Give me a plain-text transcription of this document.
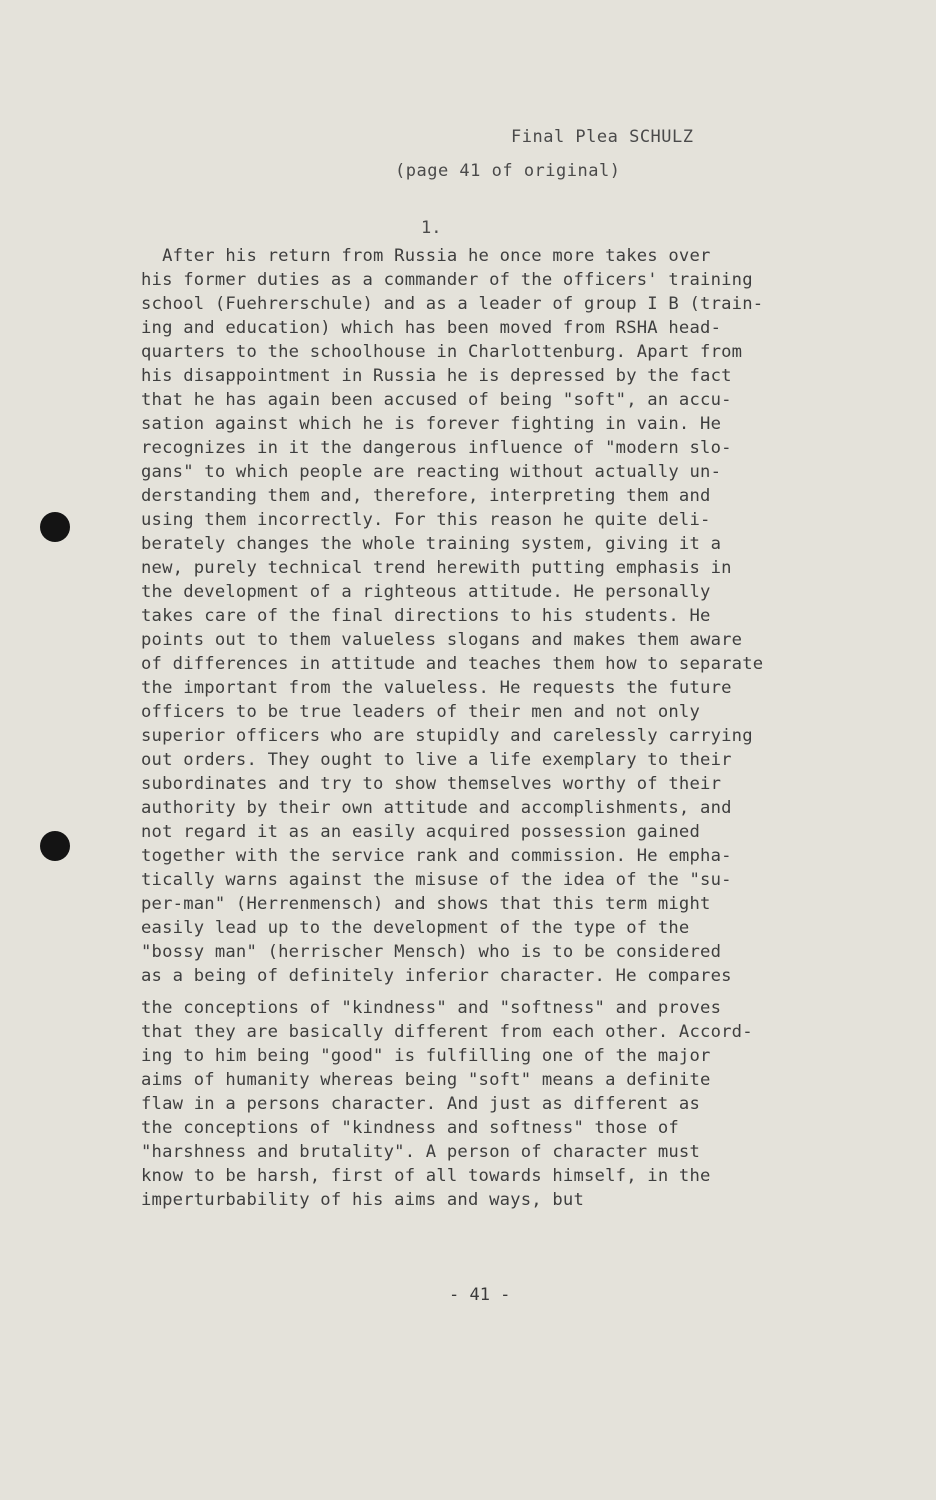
Final Plea SCHULZ
(page 41 of original)
1.
After his return from Russia he once more takes over
his former duties as a commander of the officers' training
school (Fuehrerschule) and as a leader of group I B (train-
ing and education) which has been moved from RSHA head-
quarters to the schoolhouse in Charlottenburg. Apart from
his disappointment in Russia he is depressed by the fact
that he has again been accused of being "soft", an accu-
sation against which he is forever fighting in vain. He
recognizes in it the dangerous influence of "modern slo-
gans" to which people are reacting without actually un-
derstanding them and, therefore, interpreting them and
using them incorrectly. For this reason he quite deli-
berately changes the whole training system, giving it a
new, purely technical trend herewith putting emphasis in
the development of a righteous attitude. He personally
takes care of the final directions to his students. He
points out to them valueless slogans and makes them aware
of differences in attitude and teaches them how to separate
the important from the valueless. He requests the future
officers to be true leaders of their men and not only
superior officers who are stupidly and carelessly carrying
out orders. They ought to live a life exemplary to their
subordinates and try to show themselves worthy of their
authority by their own attitude and accomplishments, and
not regard it as an easily acquired possession gained
together with the service rank and commission. He empha-
tically warns against the misuse of the idea of the "su-
per-man" (Herrenmensch) and shows that this term might
easily lead up to the development of the type of the
"bossy man" (herrischer Mensch) who is to be considered
as a being of definitely inferior character. He compares
the conceptions of "kindness" and "softness" and proves
that they are basically different from each other. Accord-
ing to him being "good" is fulfilling one of the major
aims of humanity whereas being "soft" means a definite
flaw in a persons character. And just as different as
the conceptions of "kindness and softness" those of
"harshness and brutality". A person of character must
know to be harsh, first of all towards himself, in the
imperturbability of his aims and ways, but
- 41 -
